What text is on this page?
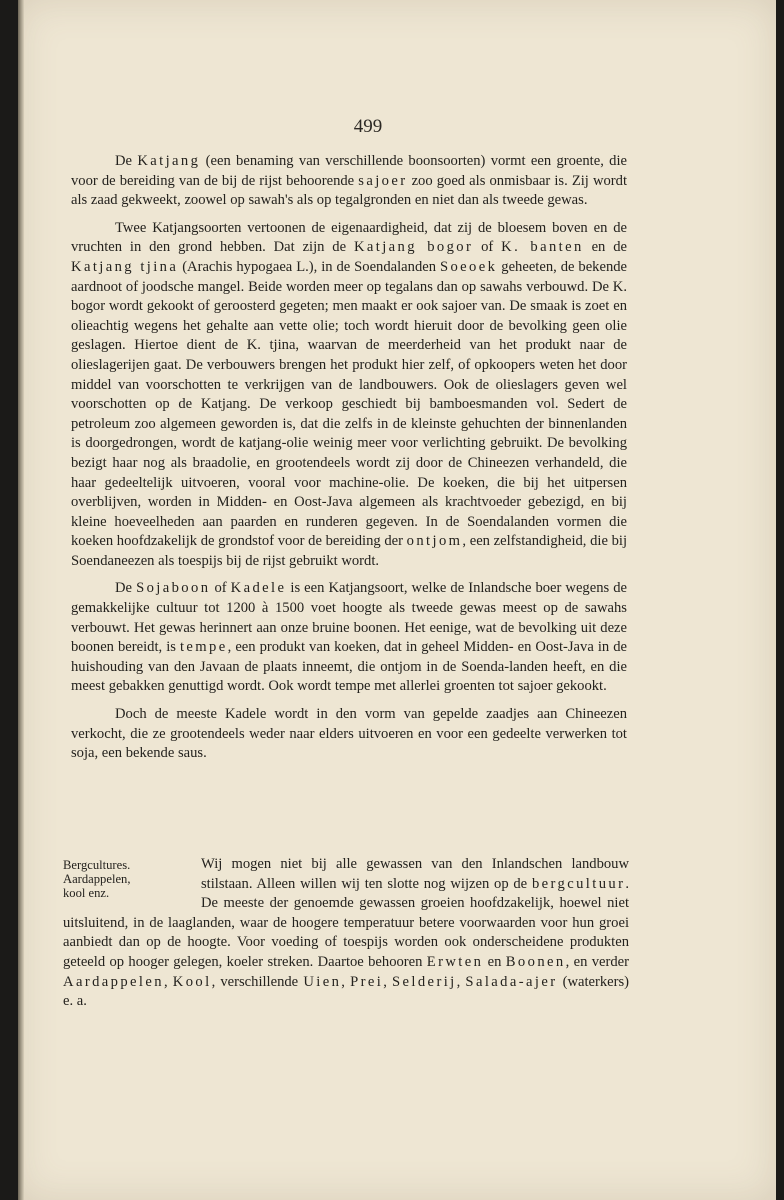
499

De Katjang (een benaming van verschillende boonsoorten) vormt een groente, die voor de bereiding van de bij de rijst behoorende sajoer zoo goed als onmisbaar is. Zij wordt als zaad gekweekt, zoowel op sawah's als op tegalgronden en niet dan als tweede gewas.

Twee Katjangsoorten vertoonen de eigenaardigheid, dat zij de bloesem boven en de vruchten in den grond hebben. Dat zijn de Katjang bogor of K. banten en de Katjang tjina (Arachis hypogaea L.), in de Soendalanden Soeoek geheeten, de bekende aardnoot of joodsche mangel. Beide worden meer op tegalans dan op sawahs verbouwd. De K. bogor wordt gekookt of geroosterd gegeten; men maakt er ook sajoer van. De smaak is zoet en olieachtig wegens het gehalte aan vette olie; toch wordt hieruit door de bevolking geen olie geslagen. Hiertoe dient de K. tjina, waarvan de meerderheid van het produkt naar de olieslagerijen gaat. De verbouwers brengen het produkt hier zelf, of opkoopers weten het door middel van voorschotten te verkrijgen van de landbouwers. Ook de olieslagers geven wel voorschotten op de Katjang. De verkoop geschiedt bij bamboesmanden vol. Sedert de petroleum zoo algemeen geworden is, dat die zelfs in de kleinste gehuchten der binnenlanden is doorgedrongen, wordt de katjang-olie weinig meer voor verlichting gebruikt. De bevolking bezigt haar nog als braadolie, en grootendeels wordt zij door de Chineezen verhandeld, die haar gedeeltelijk uitvoeren, vooral voor machine-olie. De koeken, die bij het uitpersen overblijven, worden in Midden- en Oost-Java algemeen als krachtvoeder gebezigd, en bij kleine hoeveelheden aan paarden en runderen gegeven. In de Soendalanden vormen die koeken hoofdzakelijk de grondstof voor de bereiding der ontjom, een zelfstandigheid, die bij Soendaneezen als toespijs bij de rijst gebruikt wordt.

De Sojaboon of Kadele is een Katjangsoort, welke de Inlandsche boer wegens de gemakkelijke cultuur tot 1200 à 1500 voet hoogte als tweede gewas meest op de sawahs verbouwt. Het gewas herinnert aan onze bruine boonen. Het eenige, wat de bevolking uit deze boonen bereidt, is tempe, een produkt van koeken, dat in geheel Midden- en Oost-Java in de huishouding van den Javaan de plaats inneemt, die ontjom in de Soenda-landen heeft, en die meest gebakken genuttigd wordt. Ook wordt tempe met allerlei groenten tot sajoer gekookt.

Doch de meeste Kadele wordt in den vorm van gepelde zaadjes aan Chineezen verkocht, die ze grootendeels weder naar elders uitvoeren en voor een gedeelte verwerken tot soja, een bekende saus.

Bergcultures.
Aardappelen,
kool enz.

Wij mogen niet bij alle gewassen van den Inlandschen landbouw stilstaan. Alleen willen wij ten slotte nog wijzen op de bergcultuur. De meeste der genoemde gewassen groeien hoofdzakelijk, hoewel niet uitsluitend, in de laaglanden, waar de hoogere temperatuur betere voorwaarden voor hun groei aanbiedt dan op de hoogte. Voor voeding of toespijs worden ook onderscheidene produkten geteeld op hooger gelegen, koeler streken. Daartoe behooren Erwten en Boonen, en verder Aardappelen, Kool, verschillende Uien, Prei, Selderij, Salada-ajer (waterkers) e. a.
